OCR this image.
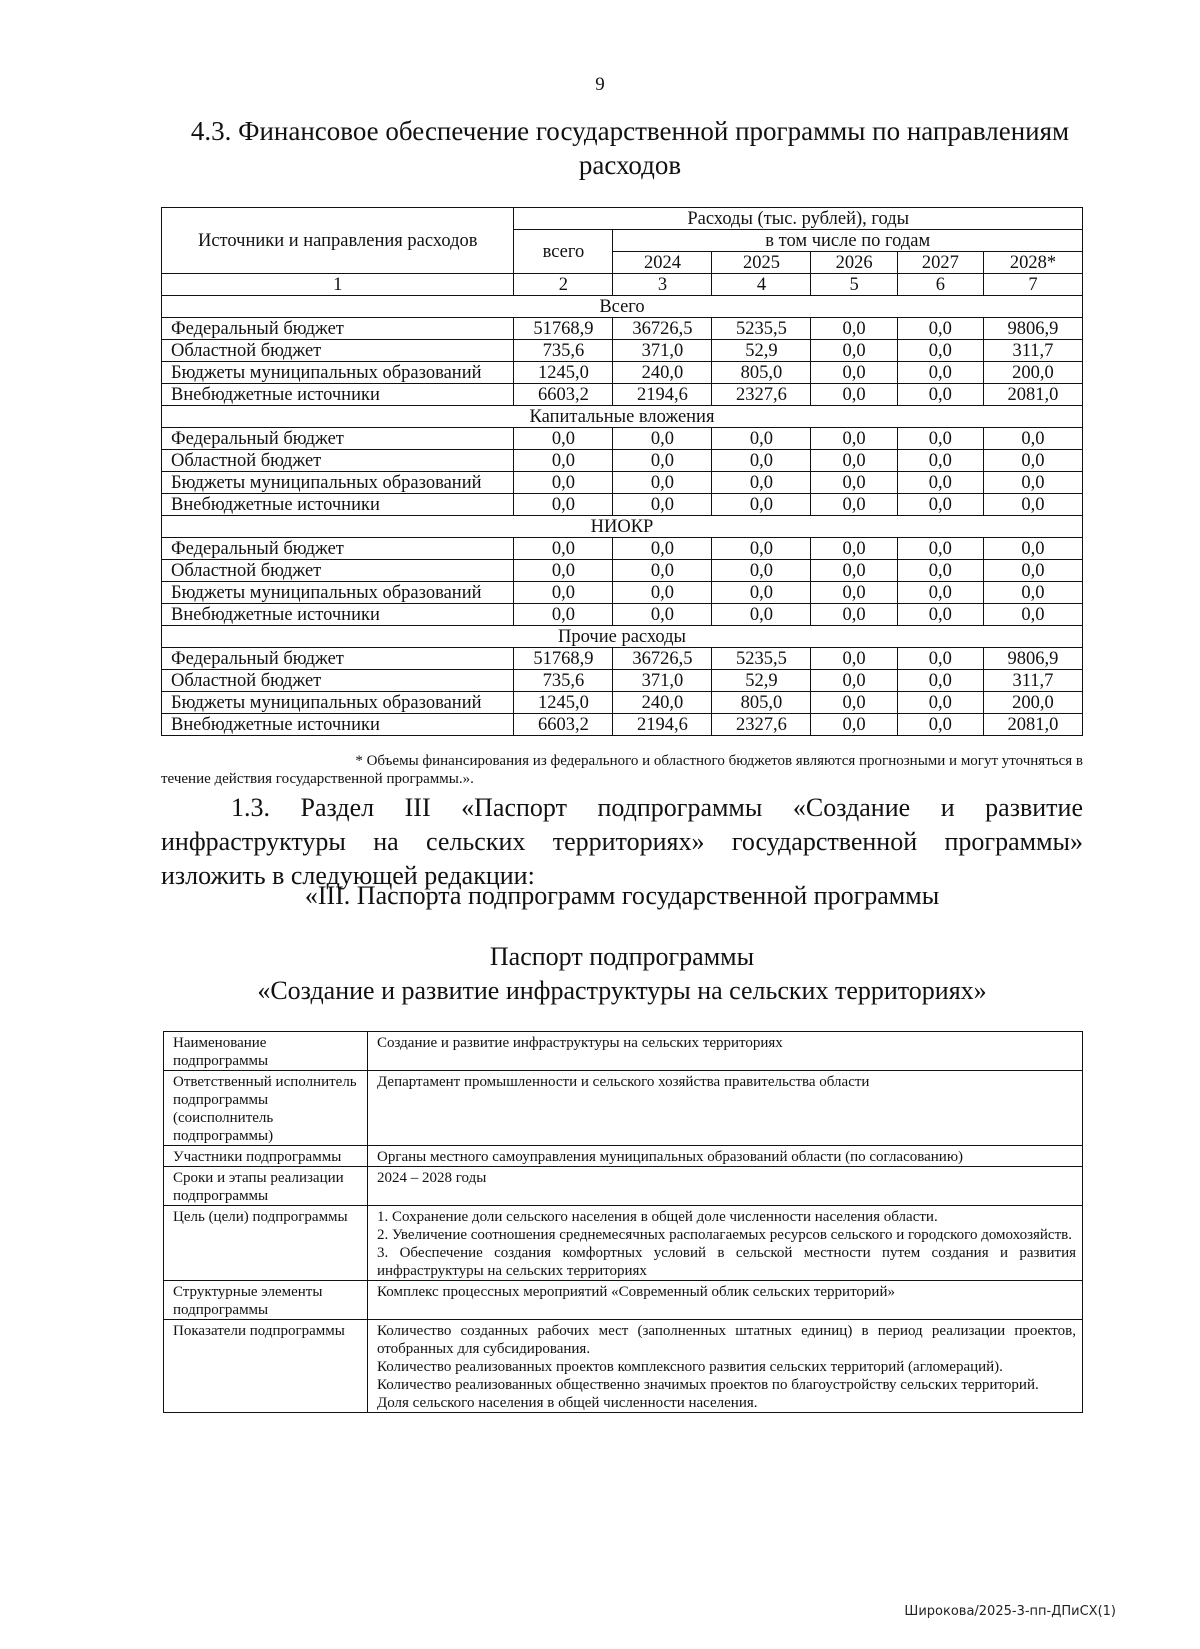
9
4.3. Финансовое обеспечение государственной программы по направлениям расходов
Источники и направления расходов	Расходы (тыс. рублей), годы					
	всего	в том числе по годам				
		2024	2025	2026	2027	2028*
1	2	3	4	5	6	7
Всего						
Федеральный бюджет	51768,9	36726,5	5235,5	0,0	0,0	9806,9
Областной бюджет	735,6	371,0	52,9	0,0	0,0	311,7
Бюджеты муниципальных образований	1245,0	240,0	805,0	0,0	0,0	200,0
Внебюджетные источники	6603,2	2194,6	2327,6	0,0	0,0	2081,0
Капитальные вложения						
Федеральный бюджет	0,0	0,0	0,0	0,0	0,0	0,0
Областной бюджет	0,0	0,0	0,0	0,0	0,0	0,0
Бюджеты муниципальных образований	0,0	0,0	0,0	0,0	0,0	0,0
Внебюджетные источники	0,0	0,0	0,0	0,0	0,0	0,0
НИОКР						
Федеральный бюджет	0,0	0,0	0,0	0,0	0,0	0,0
Областной бюджет	0,0	0,0	0,0	0,0	0,0	0,0
Бюджеты муниципальных образований	0,0	0,0	0,0	0,0	0,0	0,0
Внебюджетные источники	0,0	0,0	0,0	0,0	0,0	0,0
Прочие расходы						
Федеральный бюджет	51768,9	36726,5	5235,5	0,0	0,0	9806,9
Областной бюджет	735,6	371,0	52,9	0,0	0,0	311,7
Бюджеты муниципальных образований	1245,0	240,0	805,0	0,0	0,0	200,0
Внебюджетные источники	6603,2	2194,6	2327,6	0,0	0,0	2081,0
* Объемы финансирования из федерального и областного бюджетов являются прогнозными и могут уточняться в
течение действия государственной программы.».
1.3. Раздел III «Паспорт подпрограммы «Создание и развитие инфраструктуры на сельских территориях» государственной программы» изложить в следующей редакции:
«III. Паспорта подпрограмм государственной программы
Паспорт подпрограммы
«Создание и развитие инфраструктуры на сельских территориях»
Наименование подпрограммы	Создание и развитие инфраструктуры на сельских территориях

Ответственный исполнитель подпрограммы (соисполнитель подпрограммы)	Департамент промышленности и сельского хозяйства правительства области

Участники подпрограммы	Органы местного самоуправления муниципальных образований области (по согласованию)

Сроки и этапы реализации подпрограммы	2024 – 2028 годы

Цель (цели) подпрограммы	1. Сохранение доли сельского населения в общей доле численности населения области.
2. Увеличение соотношения среднемесячных располагаемых ресурсов сельского и городского домохозяйств.
3. Обеспечение создания комфортных условий в сельской местности путем создания и развития инфраструктуры на сельских территориях

Структурные элементы подпрограммы	Комплекс процессных мероприятий «Современный облик сельских территорий»

Показатели подпрограммы	Количество созданных рабочих мест (заполненных штатных единиц) в период реализации проектов, отобранных для субсидирования.
Количество реализованных проектов комплексного развития сельских территорий (агломераций).
Количество реализованных общественно значимых проектов по благоустройству сельских территорий.
Доля сельского населения в общей численности населения.
Широкова/2025-3-пп-ДПиСХ(1)
